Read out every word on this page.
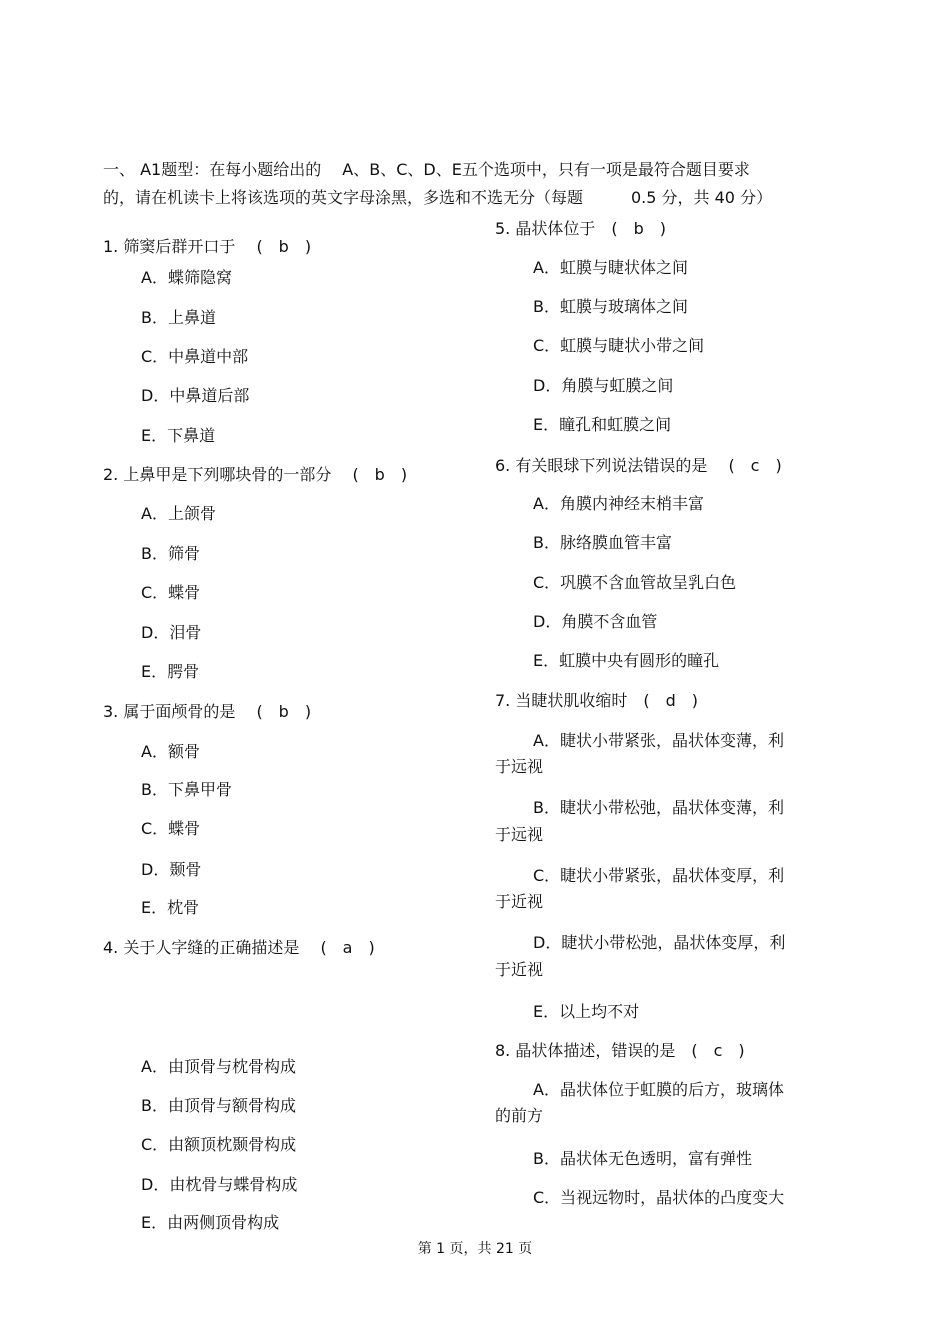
一、 A1题型：在每小题给出的　 A、B、C、D、E五个选项中，只有一项是最符合题目要求
的，请在机读卡上将该选项的英文字母涂黑，多选和不选无分（每题　　　0.5 分，共 40 分）
1. 筛窦后群开口于　 (　b　)
A．蝶筛隐窝
B．上鼻道
C．中鼻道中部
D．中鼻道后部
E．下鼻道
2. 上鼻甲是下列哪块骨的一部分　 (　b　)
A．上颌骨
B．筛骨
C．蝶骨
D．泪骨
E．腭骨
3. 属于面颅骨的是　 (　b　)
A．额骨
B．下鼻甲骨
C．蝶骨
D．颞骨
E．枕骨
4. 关于人字缝的正确描述是　 (　a　)
A．由顶骨与枕骨构成
B．由顶骨与额骨构成
C．由额顶枕颞骨构成
D．由枕骨与蝶骨构成
E．由两侧顶骨构成
5. 晶状体位于　(　b　)
A．虹膜与睫状体之间
B．虹膜与玻璃体之间
C．虹膜与睫状小带之间
D．角膜与虹膜之间
E．瞳孔和虹膜之间
6. 有关眼球下列说法错误的是　 (　c　)
A．角膜内神经末梢丰富
B．脉络膜血管丰富
C．巩膜不含血管故呈乳白色
D．角膜不含血管
E．虹膜中央有圆形的瞳孔
7. 当睫状肌收缩时　(　d　)
A．睫状小带紧张，晶状体变薄，利
于远视
B．睫状小带松弛，晶状体变薄，利
于远视
C．睫状小带紧张，晶状体变厚，利
于近视
D．睫状小带松弛，晶状体变厚，利
于近视
E．以上均不对
8. 晶状体描述，错误的是　(　c　)
A．晶状体位于虹膜的后方，玻璃体
的前方
B．晶状体无色透明，富有弹性
C．当视远物时，晶状体的凸度变大
第 1 页，共 21 页
